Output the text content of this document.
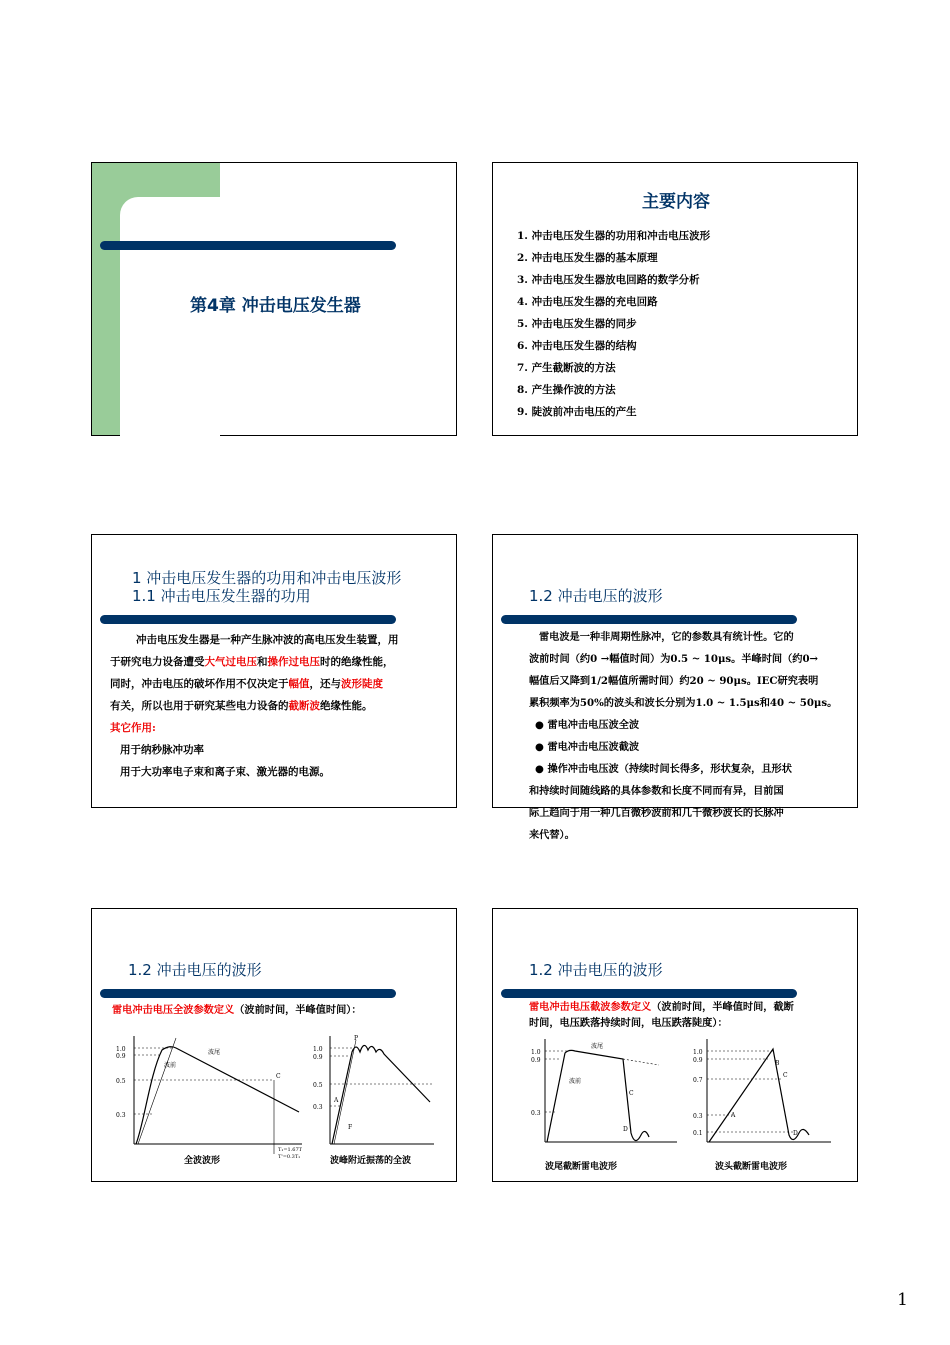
第4章 冲击电压发生器
主要内容
1. 冲击电压发生器的功用和冲击电压波形
2. 冲击电压发生器的基本原理
3. 冲击电压发生器放电回路的数学分析
4. 冲击电压发生器的充电回路
5. 冲击电压发生器的同步
6. 冲击电压发生器的结构
7. 产生截断波的方法
8. 产生操作波的方法
9. 陡波前冲击电压的产生
1 冲击电压发生器的功用和冲击电压波形
1.1 冲击电压发生器的功用
冲击电压发生器是一种产生脉冲波的高电压发生装置，用
于研究电力设备遭受大气过电压和操作过电压时的绝缘性能，
同时，冲击电压的破坏作用不仅决定于幅值，还与波形陡度
有关，所以也用于研究某些电力设备的截断波绝缘性能。
其它作用:
用于纳秒脉冲功率
用于大功率电子束和离子束、激光器的电源。
1.2 冲击电压的波形
雷电波是一种非周期性脉冲，它的参数具有统计性。它的
波前时间（约0 →幅值时间）为0.5 ~ 10μs。半峰时间（约0→
幅值后又降到1/2幅值所需时间）约20 ~ 90μs。IEC研究表明
累积频率为50%的波头和波长分别为1.0 ~ 1.5μs和40 ~ 50μs。
● 雷电冲击电压波全波
● 雷电冲击电压波截波
● 操作冲击电压波（持续时间长得多，形状复杂，且形状
和持续时间随线路的具体参数和长度不同而有异，目前国
际上趋向于用一种几百微秒波前和几千微秒波长的长脉冲
来代替）。
1.2 冲击电压的波形
雷电冲击电压全波参数定义（波前时间，半峰值时间）：
1.0
0.9
0.5
0.3
波尾
波前
C
T₁=1.67T
T'=0.3T₁
1.0
0.9
0.5
0.3
P
A
F
全波波形	波峰附近振荡的全波
1.2 冲击电压的波形
雷电冲击电压截波参数定义（波前时间，半峰值时间，截断
时间，电压跌落持续时间，电压跌落陡度）：
1.0
0.9
0.3
波尾
波前
C
D
1.0
0.9
0.7
0.3
0.1
B
C
D
A
波尾截断雷电波形	波头截断雷电波形
1
